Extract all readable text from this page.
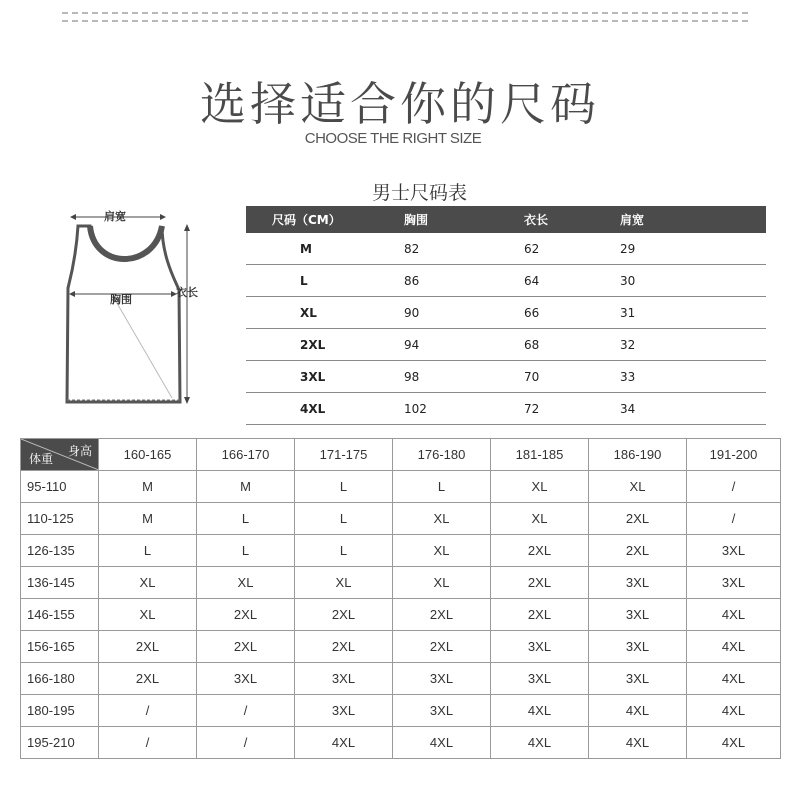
选择适合你的尺码
CHOOSE THE RIGHT SIZE
肩宽
胸围
衣长
男士尺码表
尺码（CM）	胸围	衣长	肩宽
M	82	62	29
L	86	64	30
XL	90	66	31
2XL	94	68	32
3XL	98	70	33
4XL	102	72	34
身高
体重	160-165	166-170	171-175	176-180	181-185	186-190	191-200
95-110	M	M	L	L	XL	XL	/
110-125	M	L	L	XL	XL	2XL	/
126-135	L	L	L	XL	2XL	2XL	3XL
136-145	XL	XL	XL	XL	2XL	3XL	3XL
146-155	XL	2XL	2XL	2XL	2XL	3XL	4XL
156-165	2XL	2XL	2XL	2XL	3XL	3XL	4XL
166-180	2XL	3XL	3XL	3XL	3XL	3XL	4XL
180-195	/	/	3XL	3XL	4XL	4XL	4XL
195-210	/	/	4XL	4XL	4XL	4XL	4XL
